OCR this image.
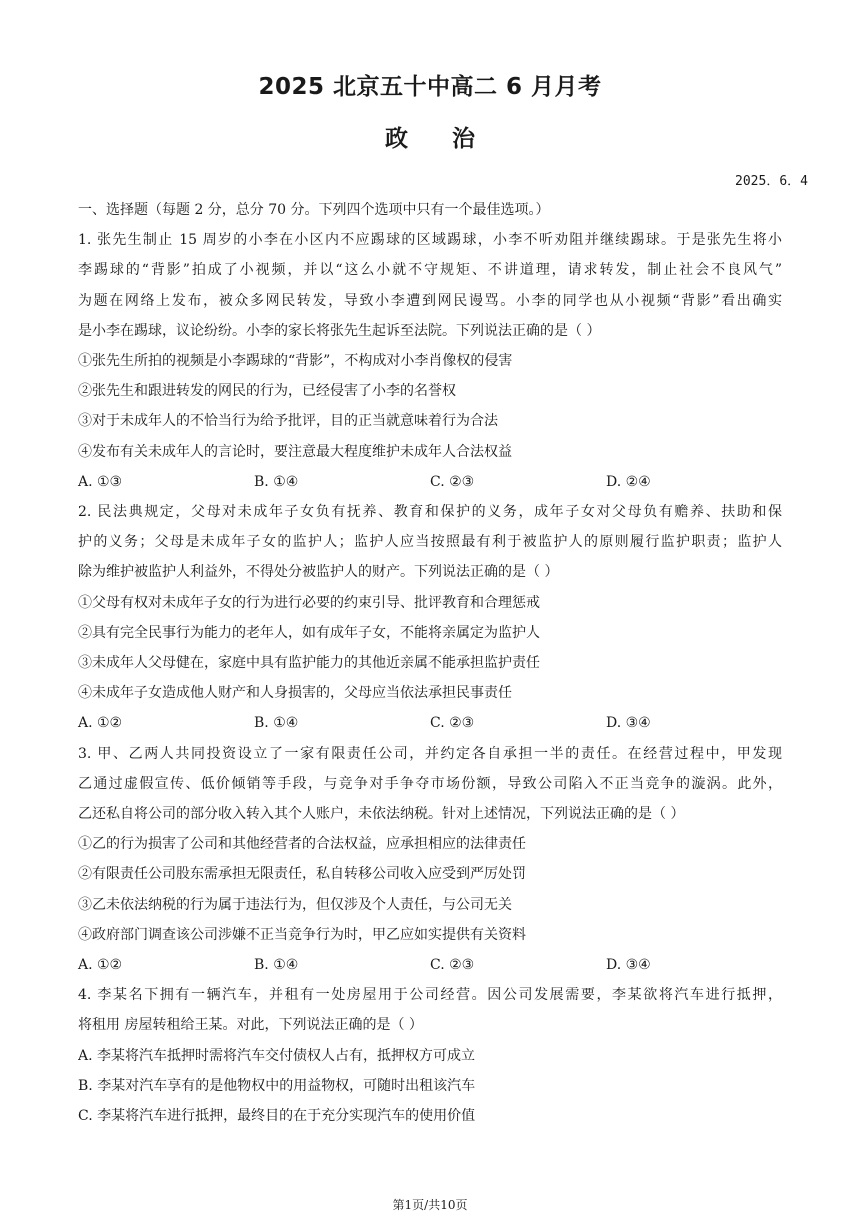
2025 北京五十中高二 6 月月考
政治
2025．6．4
一、选择题（每题 2 分，总分 70 分。下列四个选项中只有一个最佳选项。）
1. 张先生制止 15 周岁的小李在小区内不应踢球的区域踢球，小李不听劝阻并继续踢球。于是张先生将小
李踢球的“背影”拍成了小视频，并以“这么小就不守规矩、不讲道理，请求转发，制止社会不良风气”
为题在网络上发布，被众多网民转发，导致小李遭到网民谩骂。小李的同学也从小视频“背影”看出确实
是小李在踢球，议论纷纷。小李的家长将张先生起诉至法院。下列说法正确的是（ ）
①张先生所拍的视频是小李踢球的“背影”，不构成对小李肖像权的侵害
②张先生和跟进转发的网民的行为，已经侵害了小李的名誉权
③对于未成年人的不恰当行为给予批评，目的正当就意味着行为合法
④发布有关未成年人的言论时，要注意最大程度维护未成年人合法权益
A. ①③	B. ①④	C. ②③	D. ②④
2. 民法典规定，父母对未成年子女负有抚养、教育和保护的义务，成年子女对父母负有赡养、扶助和保
护的义务；父母是未成年子女的监护人；监护人应当按照最有利于被监护人的原则履行监护职责；监护人
除为维护被监护人利益外，不得处分被监护人的财产。下列说法正确的是（ ）
①父母有权对未成年子女的行为进行必要的约束引导、批评教育和合理惩戒
②具有完全民事行为能力的老年人，如有成年子女，不能将亲属定为监护人
③未成年人父母健在，家庭中具有监护能力的其他近亲属不能承担监护责任
④未成年子女造成他人财产和人身损害的，父母应当依法承担民事责任
A. ①②	B. ①④	C. ②③	D. ③④
3. 甲、乙两人共同投资设立了一家有限责任公司，并约定各自承担一半的责任。在经营过程中，甲发现
乙通过虚假宣传、低价倾销等手段，与竞争对手争夺市场份额，导致公司陷入不正当竞争的漩涡。此外，
乙还私自将公司的部分收入转入其个人账户，未依法纳税。针对上述情况，下列说法正确的是（ ）
①乙的行为损害了公司和其他经营者的合法权益，应承担相应的法律责任
②有限责任公司股东需承担无限责任，私自转移公司收入应受到严厉处罚
③乙未依法纳税的行为属于违法行为，但仅涉及个人责任，与公司无关
④政府部门调查该公司涉嫌不正当竞争行为时，甲乙应如实提供有关资料
A. ①②	B. ①④	C. ②③	D. ③④
4. 李某名下拥有一辆汽车，并租有一处房屋用于公司经营。因公司发展需要，李某欲将汽车进行抵押，
将租用 房屋转租给王某。对此，下列说法正确的是（ ）
A. 李某将汽车抵押时需将汽车交付债权人占有，抵押权方可成立
B. 李某对汽车享有的是他物权中的用益物权，可随时出租该汽车
C. 李某将汽车进行抵押，最终目的在于充分实现汽车的使用价值
第1页/共10页
